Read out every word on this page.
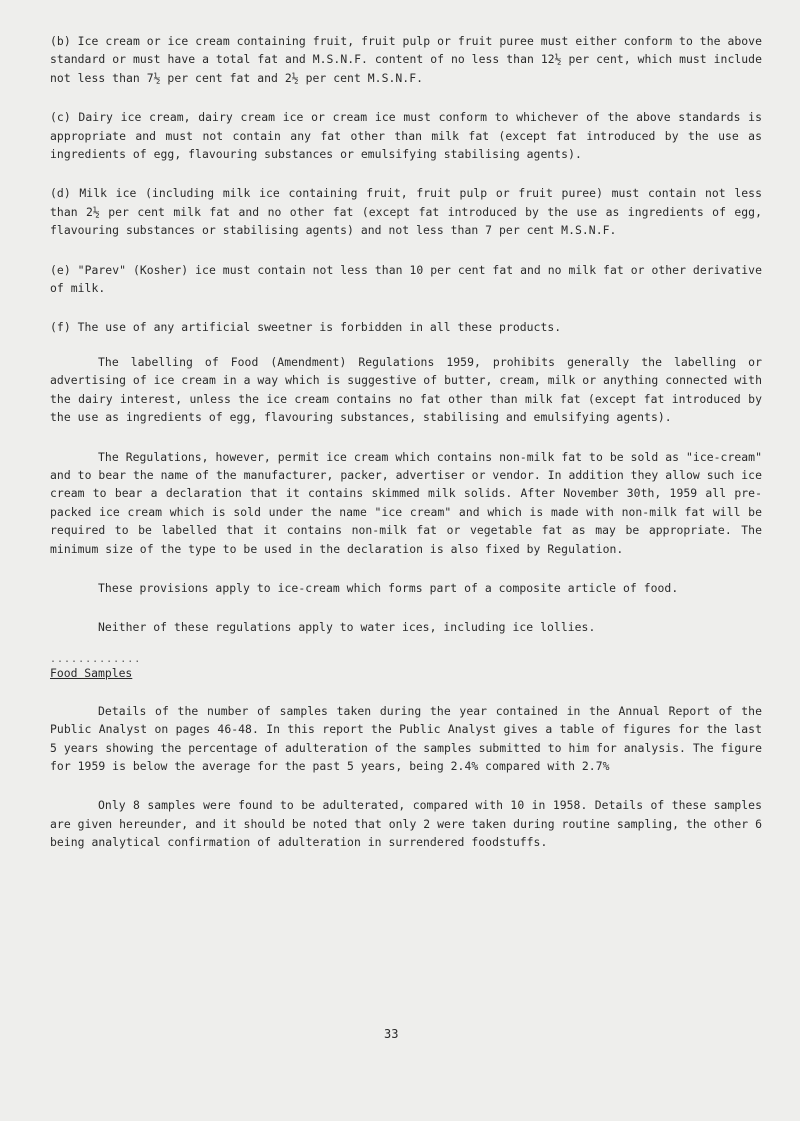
(b) Ice cream or ice cream containing fruit, fruit pulp or fruit puree must either conform to the above standard or must have a total fat and M.S.N.F. content of no less than 12½ per cent, which must include not less than 7½ per cent fat and 2½ per cent M.S.N.F.

(c) Dairy ice cream, dairy cream ice or cream ice must conform to whichever of the above standards is appropriate and must not contain any fat other than milk fat (except fat introduced by the use as ingredients of egg, flavouring substances or emulsifying stabilising agents).

(d) Milk ice (including milk ice containing fruit, fruit pulp or fruit puree) must contain not less than 2½ per cent milk fat and no other fat (except fat introduced by the use as ingredients of egg, flavouring substances or stabilising agents) and not less than 7 per cent M.S.N.F.

(e) "Parev" (Kosher) ice must contain not less than 10 per cent fat and no milk fat or other derivative of milk.

(f) The use of any artificial sweetner is forbidden in all these products.

The labelling of Food (Amendment) Regulations 1959, prohibits generally the labelling or advertising of ice cream in a way which is suggestive of butter, cream, milk or anything connected with the dairy interest, unless the ice cream contains no fat other than milk fat (except fat introduced by the use as ingredients of egg, flavouring substances, stabilising and emulsifying agents).

The Regulations, however, permit ice cream which contains non-milk fat to be sold as "ice-cream" and to bear the name of the manufacturer, packer, advertiser or vendor. In addition they allow such ice cream to bear a declaration that it contains skimmed milk solids. After November 30th, 1959 all pre-packed ice cream which is sold under the name "ice cream" and which is made with non-milk fat will be required to be labelled that it contains non-milk fat or vegetable fat as may be appropriate. The minimum size of the type to be used in the declaration is also fixed by Regulation.

These provisions apply to ice-cream which forms part of a composite article of food.

Neither of these regulations apply to water ices, including ice lollies.

.............
Food Samples

Details of the number of samples taken during the year contained in the Annual Report of the Public Analyst on pages 46-48. In this report the Public Analyst gives a table of figures for the last 5 years showing the percentage of adulteration of the samples submitted to him for analysis. The figure for 1959 is below the average for the past 5 years, being 2.4% compared with 2.7%

Only 8 samples were found to be adulterated, compared with 10 in 1958. Details of these samples are given hereunder, and it should be noted that only 2 were taken during routine sampling, the other 6 being analytical confirmation of adulteration in surrendered foodstuffs.

33
